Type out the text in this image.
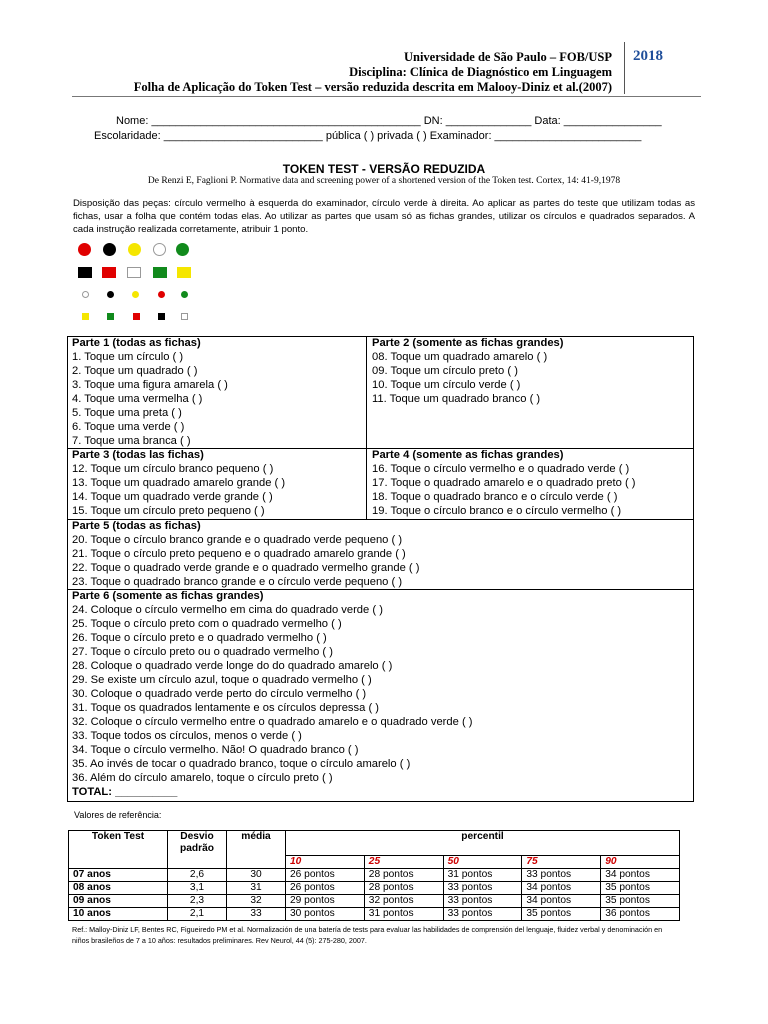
Universidade de São Paulo – FOB/USP
Disciplina: Clínica de Diagnóstico em Linguagem
Folha de Aplicação do Token Test – versão reduzida descrita em Malooy-Diniz et al.(2007)
2018
Nome: ____________________________________________ DN: ______________ Data: ________________
Escolaridade: __________________________ pública ( ) privada ( ) Examinador: ________________________
TOKEN TEST - VERSÃO REDUZIDA
De Renzi E, Faglioni P. Normative data and screening power of a shortened version of the Token test. Cortex, 14: 41-9,1978
Disposição das peças: círculo vermelho à esquerda do examinador, círculo verde à direita. Ao aplicar as partes do teste que utilizam todas as fichas, usar a folha que contém todas elas. Ao utilizar as partes que usam só as fichas grandes, utilizar os círculos e quadrados separados. A cada instrução realizada corretamente, atribuir 1 ponto.
Parte 1 (todas as fichas)
1. Toque um círculo ( )
2. Toque um quadrado ( )
3. Toque uma figura amarela ( )
4. Toque uma vermelha ( )
5. Toque uma preta ( )
6. Toque uma verde ( )
7. Toque uma branca ( )
Parte 2 (somente as fichas grandes)
08. Toque um quadrado amarelo ( )
09. Toque um círculo preto ( )
10. Toque um círculo verde ( )
11. Toque um quadrado branco ( )
Parte 3 (todas las fichas)
12. Toque um círculo branco pequeno ( )
13. Toque um quadrado amarelo grande ( )
14. Toque um quadrado verde grande ( )
15. Toque um círculo preto pequeno ( )
Parte 4 (somente as fichas grandes)
16. Toque o círculo vermelho e o quadrado verde ( )
17. Toque o quadrado amarelo e o quadrado preto ( )
18. Toque o quadrado branco e o círculo verde ( )
19. Toque o círculo branco e o círculo vermelho ( )
Parte 5 (todas as fichas)
20. Toque o círculo branco grande e o quadrado verde pequeno ( )
21. Toque o círculo preto pequeno e o quadrado amarelo grande ( )
22. Toque o quadrado verde grande e o quadrado vermelho grande ( )
23. Toque o quadrado branco grande e o círculo verde pequeno ( )
Parte 6 (somente as fichas grandes)
24. Coloque o círculo vermelho em cima do quadrado verde ( )
25. Toque o círculo preto com o quadrado vermelho ( )
26. Toque o círculo preto e o quadrado vermelho ( )
27. Toque o círculo preto ou o quadrado vermelho ( )
28. Coloque o quadrado verde longe do do quadrado amarelo ( )
29. Se existe um círculo azul, toque o quadrado vermelho ( )
30. Coloque o quadrado verde perto do círculo vermelho ( )
31. Toque os quadrados lentamente e os círculos depressa ( )
32. Coloque o círculo vermelho entre o quadrado amarelo e o quadrado verde ( )
33. Toque todos os círculos, menos o verde ( )
34. Toque o círculo vermelho. Não! O quadrado branco ( )
35. Ao invés de tocar o quadrado branco, toque o círculo amarelo ( )
36. Além do círculo amarelo, toque o círculo preto ( )
TOTAL: __________
Valores de referência:
Token Test	Desvio padrão	média	percentil				
			10	25	50	75	90
07 anos	2,6	30	26 pontos	28 pontos	31 pontos	33 pontos	34 pontos
08 anos	3,1	31	26 pontos	28 pontos	33 pontos	34 pontos	35 pontos
09 anos	2,3	32	29 pontos	32 pontos	33 pontos	34 pontos	35 pontos
10 anos	2,1	33	30 pontos	31 pontos	33 pontos	35 pontos	36 pontos
Ref.: Malloy-Diniz LF, Bentes RC, Figueiredo PM et al. Normalización de una batería de tests para evaluar las habilidades de comprensión del lenguaje, fluidez verbal y denominación en niños brasileños de 7 a 10 años: resultados preliminares. Rev Neurol, 44 (5): 275-280, 2007.
